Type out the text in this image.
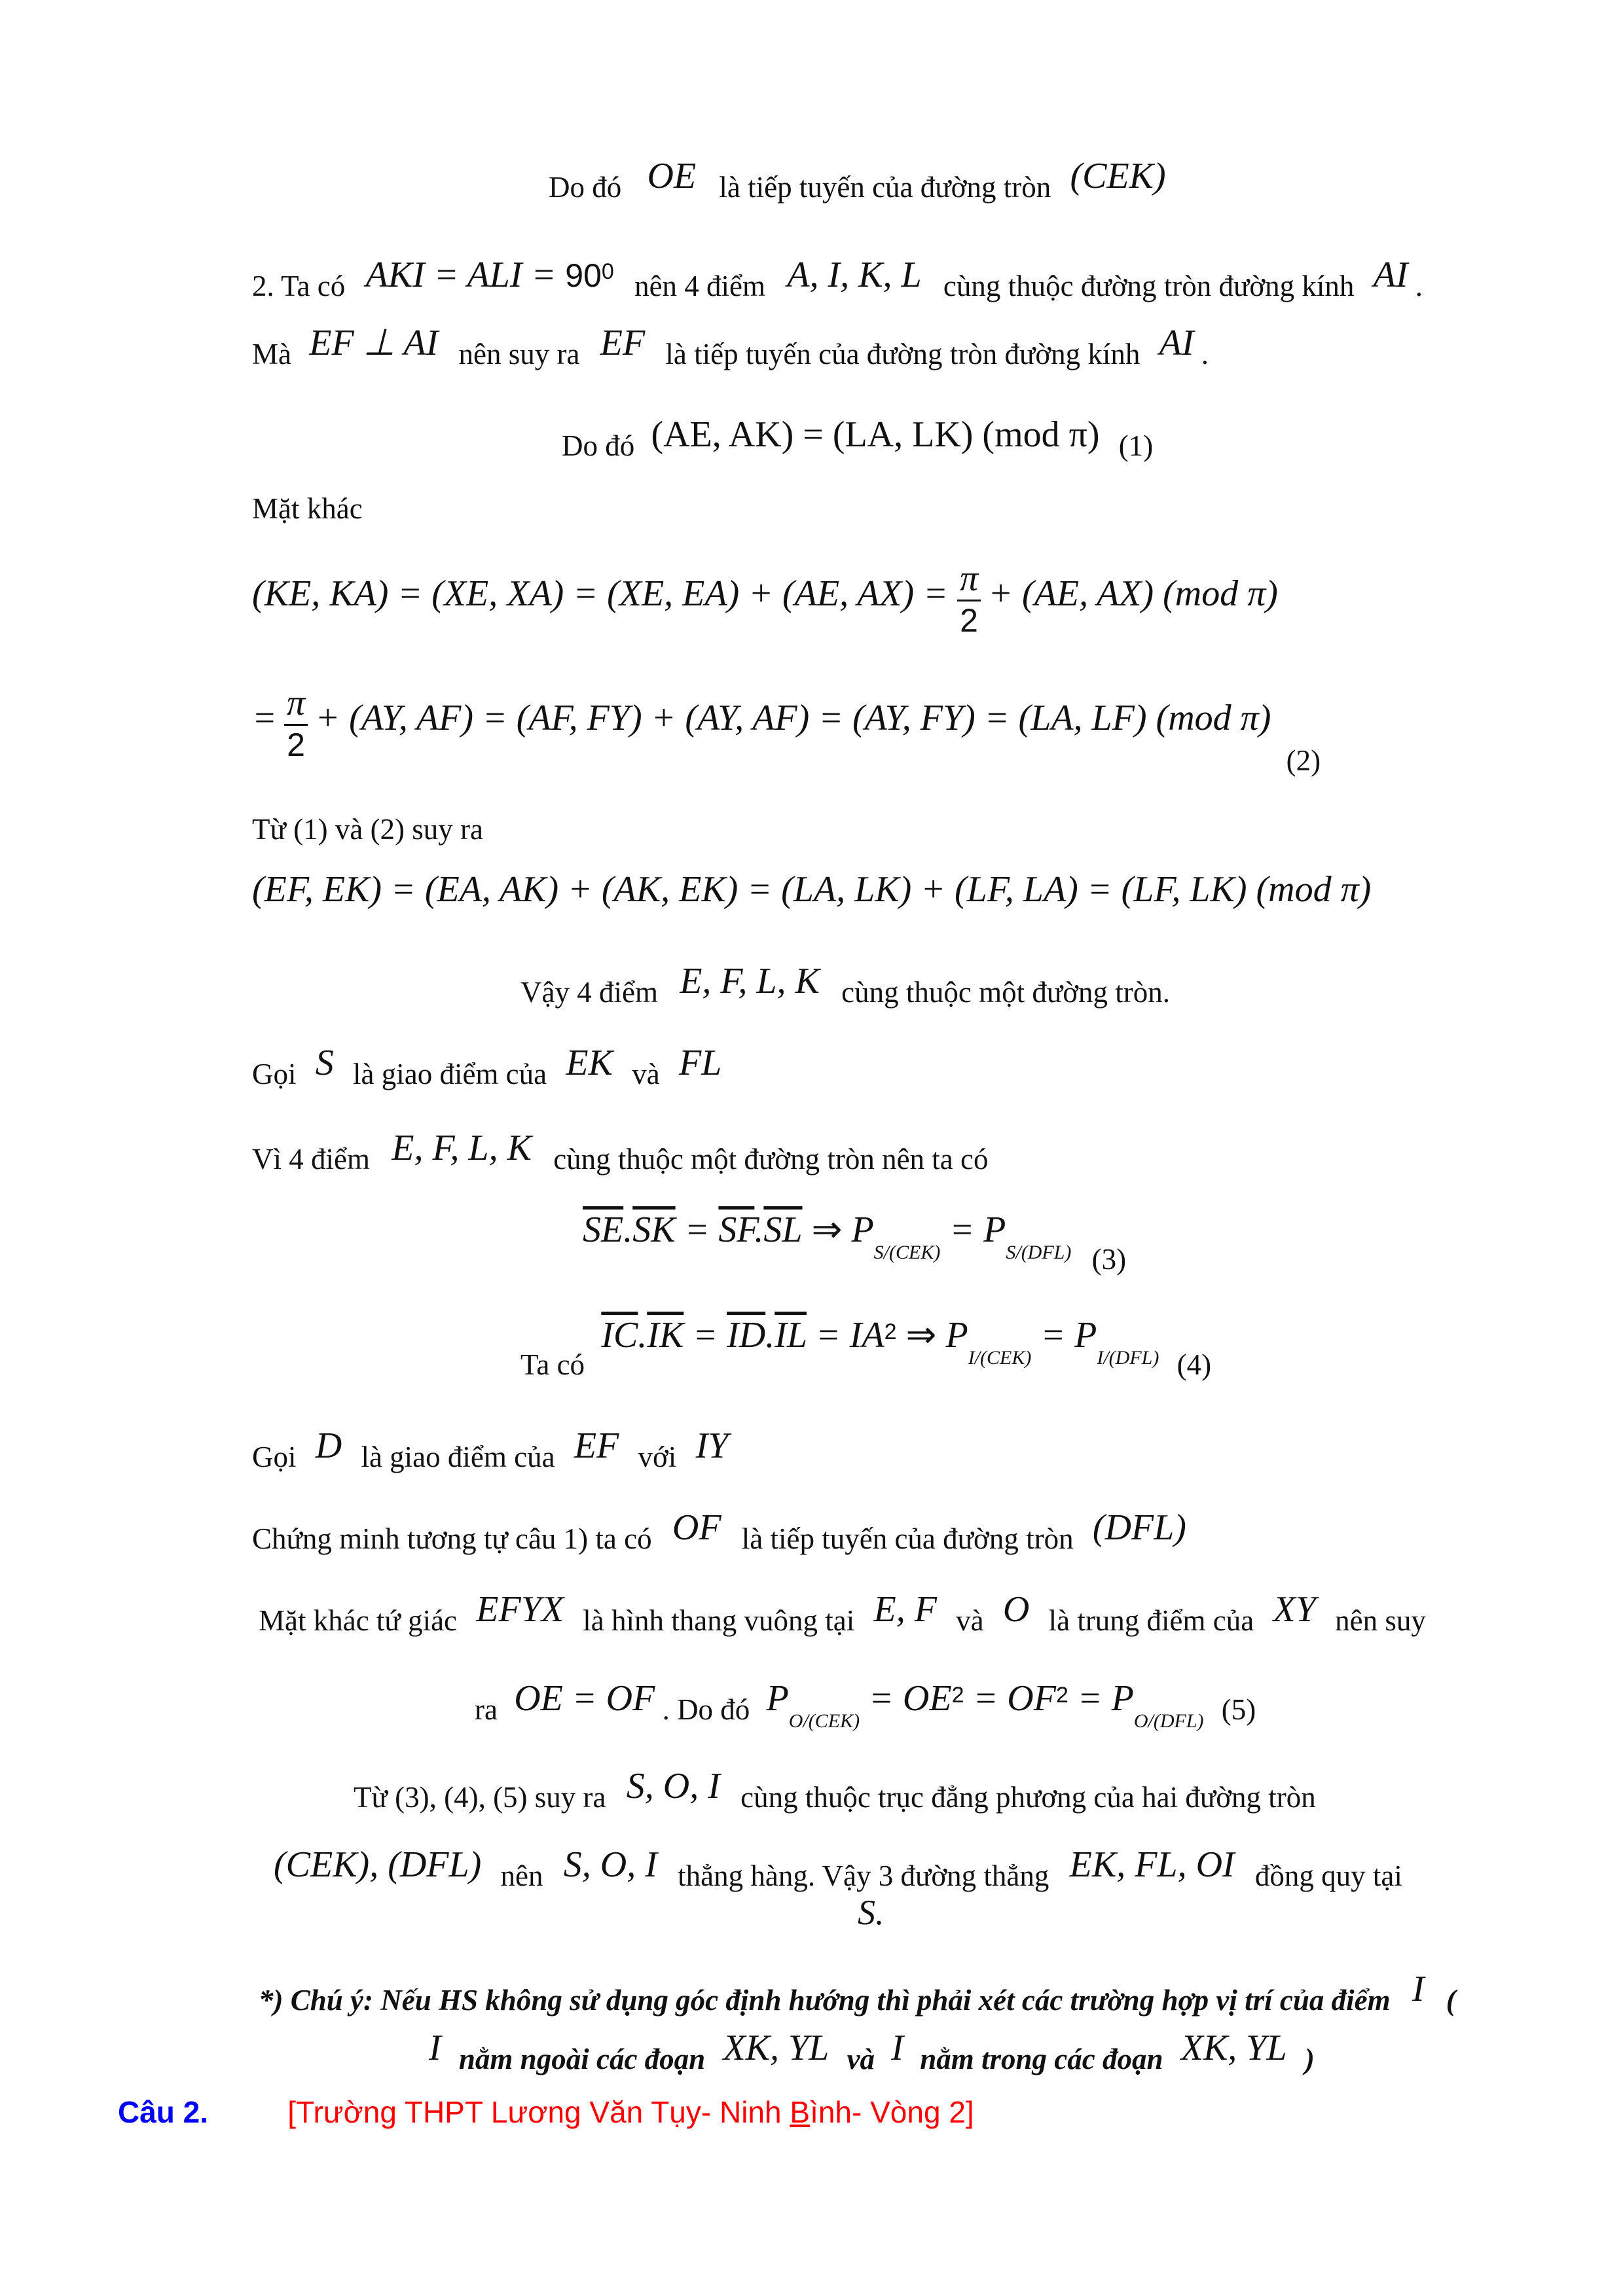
Do đó OE là tiếp tuyến của đường tròn (CEK)
2. Ta có AKI = ALI = $90^0$ nên 4 điểm A, I, K, L cùng thuộc đường tròn đường kính AI .
Mà EF ⊥ AI nên suy ra EF là tiếp tuyến của đường tròn đường kính AI .
Do đó (AE, AK) = (LA, LK) (mod π) (1)
Mặt khác
(KE, KA) = (XE, XA) = (XE, EA) + (AE, $AX) = \frac{\pi}{2} + (AE$, AX) (mod π)
= $\frac{\pi}{2} + (AY$, AF) = (AF, FY) + (AY, AF) = (AY, FY) = (LA, LF) (mod π) (2)
Từ (1) và (2) suy ra
(EF, EK) = (EA, AK) + (AK, EK) = (LA, LK) + (LF, LA) = (LF, LK) (mod π)
Vậy 4 điểm E, F, L, K cùng thuộc một đường tròn.
Gọi S là giao điểm của EK và FL
Vì 4 điểm E, F, L, K cùng thuộc một đường tròn nên ta có
$\overline{SE}.\overline{SK} = \overline{SF}.\overline{SL}$ ⇒ $P_{S/(CEK)} = P_{S/(DFL)}$ (3)
Ta có $\overline{IC}.\overline{IK} = \overline{ID}.\overline{IL} = IA^2$ ⇒ $P_{I/(CEK)} = P_{I/(DFL)}$ (4)
Gọi D là giao điểm của EF với IY
Chứng minh tương tự câu 1) ta có OF là tiếp tuyến của đường tròn (DFL)
Mặt khác tứ giác EFYX là hình thang vuông tại E, F và O là trung điểm của XY nên suy
ra OE = OF . Do đó $P_{O/(CEK)} = OE^2 = OF^2 = P_{O/(DFL)}$ (5)
Từ (3), (4), (5) suy ra S, O, I cùng thuộc trục đẳng phương của hai đường tròn
(CEK), (DFL) nên S, O, I thẳng hàng. Vậy 3 đường thẳng EK, FL, OI đồng quy tại
S.
*) Chú ý: Nếu HS không sử dụng góc định hướng thì phải xét các trường hợp vị trí của điểm I (
I nằm ngoài các đoạn XK, YL và I nằm trong các đoạn XK, YL )
Câu 2.	[Trường THPT Lương Văn Tụy- Ninh Bình- Vòng 2]
